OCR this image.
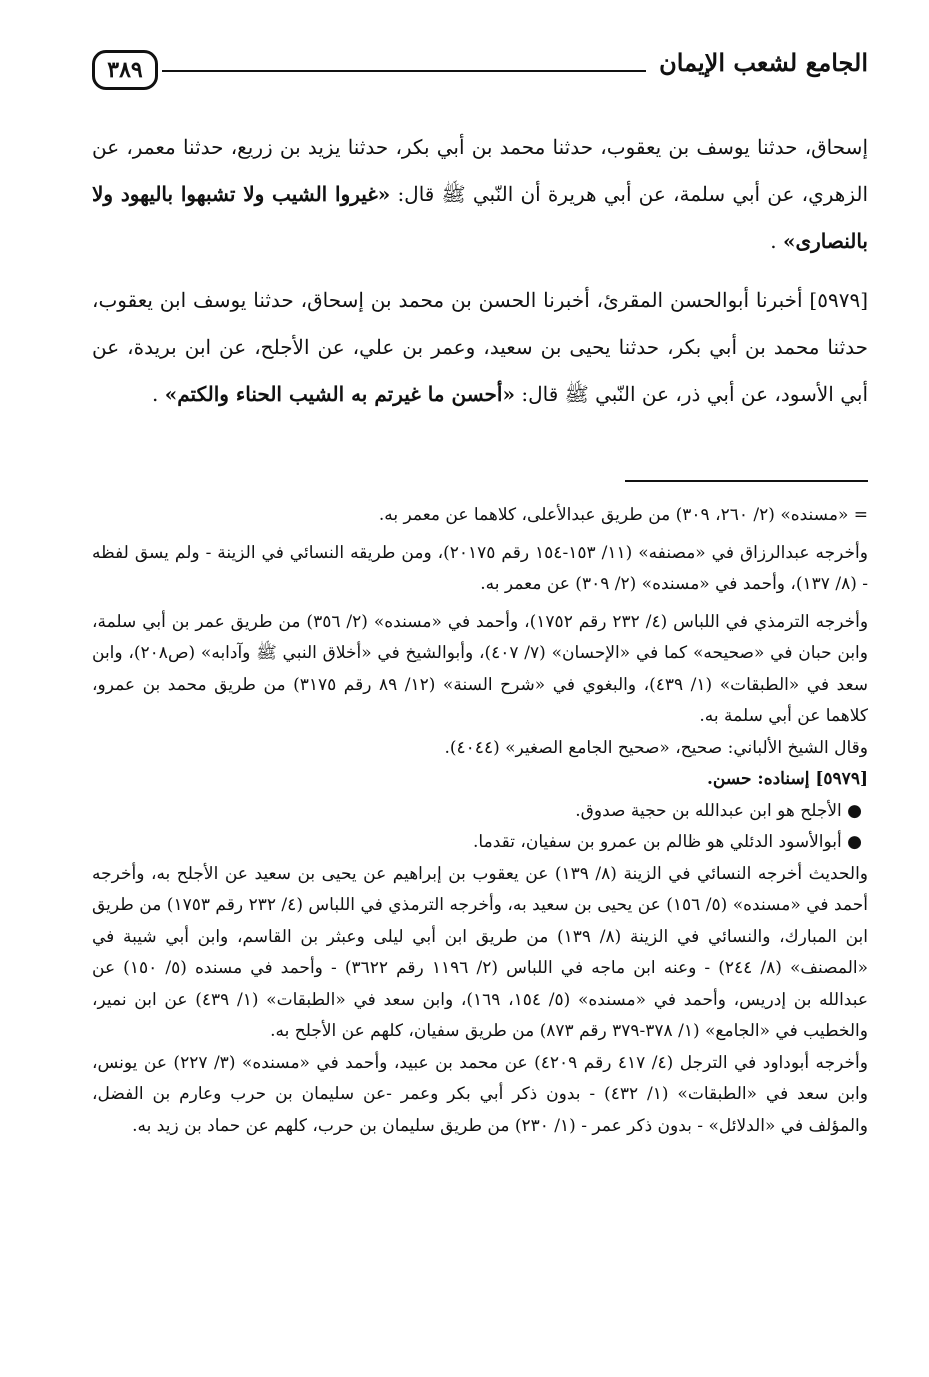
الجامع لشعب الإيمان
٣٨٩

إسحاق، حدثنا يوسف بن يعقوب، حدثنا محمد بن أبي بكر، حدثنا يزيد بن زريع، حدثنا معمر، عن الزهري، عن أبي سلمة، عن أبي هريرة أن النّبي ﷺ قال: «غيروا الشيب ولا تشبهوا باليهود ولا بالنصارى» .

[٥٩٧٩] أخبرنا أبوالحسن المقرئ، أخبرنا الحسن بن محمد بن إسحاق، حدثنا يوسف ابن يعقوب، حدثنا محمد بن أبي بكر، حدثنا يحيى بن سعيد، وعمر بن علي، عن الأجلح، عن ابن بريدة، عن أبي الأسود، عن أبي ذر، عن النّبي ﷺ قال: «أحسن ما غيرتم به الشيب الحناء والكتم» .

= «مسنده» (٢/ ٢٦٠، ٣٠٩) من طريق عبدالأعلى، كلاهما عن معمر به.

وأخرجه عبدالرزاق في «مصنفه» (١١/ ١٥٣-١٥٤ رقم ٢٠١٧٥)، ومن طريقه النسائي في الزينة - ولم يسق لفظه - (٨/ ١٣٧)، وأحمد في «مسنده» (٢/ ٣٠٩) عن معمر به.

وأخرجه الترمذي في اللباس (٤/ ٢٣٢ رقم ١٧٥٢)، وأحمد في «مسنده» (٢/ ٣٥٦) من طريق عمر بن أبي سلمة، وابن حبان في «صحيحه» كما في «الإحسان» (٧/ ٤٠٧)، وأبوالشيخ في «أخلاق النبي ﷺ وآدابه» (ص٢٠٨)، وابن سعد في «الطبقات» (١/ ٤٣٩)، والبغوي في «شرح السنة» (١٢/ ٨٩ رقم ٣١٧٥) من طريق محمد بن عمرو، كلاهما عن أبي سلمة به.

وقال الشيخ الألباني: صحيح، «صحيح الجامع الصغير» (٤٠٤٤).

[٥٩٧٩] إسناده: حسن.

● الأجلح هو ابن عبدالله بن حجية صدوق.

● أبوالأسود الدئلي هو ظالم بن عمرو بن سفيان، تقدما.

والحديث أخرجه النسائي في الزينة (٨/ ١٣٩) عن يعقوب بن إبراهيم عن يحيى بن سعيد عن الأجلح به، وأخرجه أحمد في «مسنده» (٥/ ١٥٦) عن يحيى بن سعيد به، وأخرجه الترمذي في اللباس (٤/ ٢٣٢ رقم ١٧٥٣) من طريق ابن المبارك، والنسائي في الزينة (٨/ ١٣٩) من طريق ابن أبي ليلى وعبثر بن القاسم، وابن أبي شيبة في «المصنف» (٨/ ٢٤٤) - وعنه ابن ماجه في اللباس (٢/ ١١٩٦ رقم ٣٦٢٢) - وأحمد في مسنده (٥/ ١٥٠) عن عبدالله بن إدريس، وأحمد في «مسنده» (٥/ ١٥٤، ١٦٩)، وابن سعد في «الطبقات» (١/ ٤٣٩) عن ابن نمير، والخطيب في «الجامع» (١/ ٣٧٨-٣٧٩ رقم ٨٧٣) من طريق سفيان، كلهم عن الأجلح به.

وأخرجه أبوداود في الترجل (٤/ ٤١٧ رقم ٤٢٠٩) عن محمد بن عبيد، وأحمد في «مسنده» (٣/ ٢٢٧) عن يونس، وابن سعد في «الطبقات» (١/ ٤٣٢) - بدون ذكر أبي بكر وعمر -عن سليمان بن حرب وعارم بن الفضل، والمؤلف في «الدلائل» - بدون ذكر عمر - (١/ ٢٣٠) من طريق سليمان بن حرب، كلهم عن حماد بن زيد به.
